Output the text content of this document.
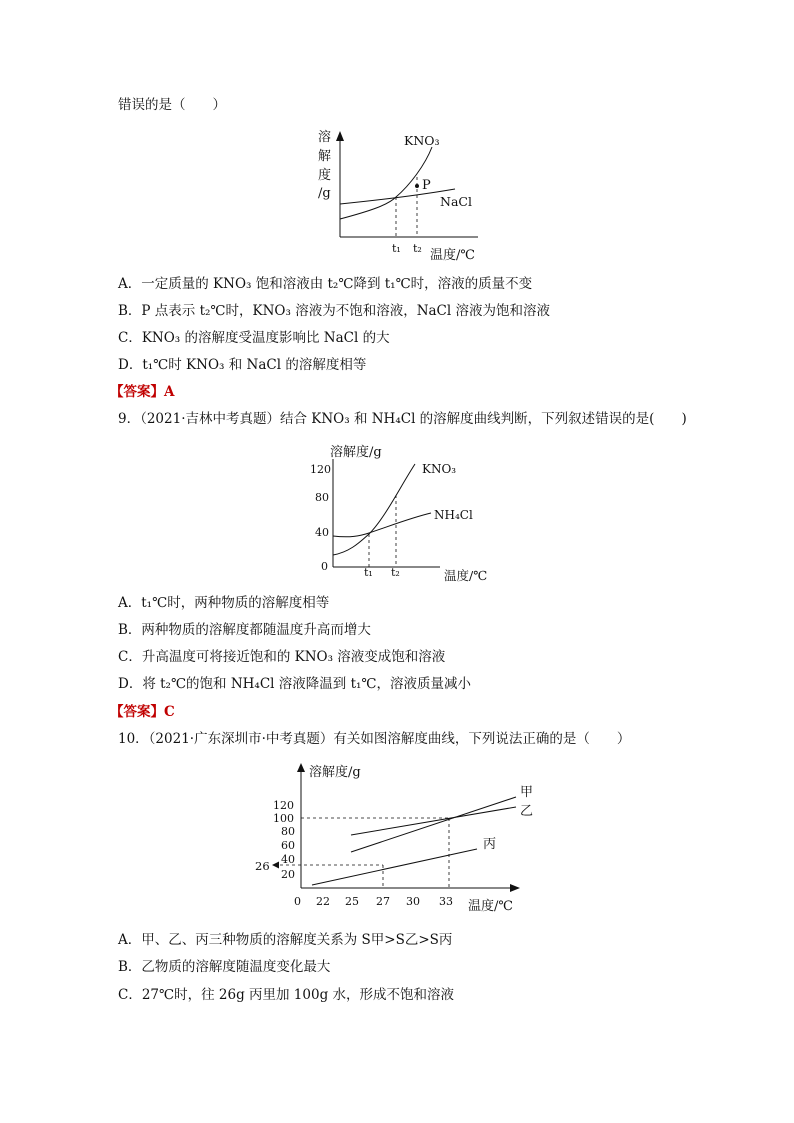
错误的是（　　）
溶
解
度
/g
P
KNO₃
NaCl
t₁ t₂ 温度/℃
A．一定质量的 KNO₃ 饱和溶液由 t₂℃降到 t₁℃时，溶液的质量不变
B．P 点表示 t₂℃时，KNO₃ 溶液为不饱和溶液，NaCl 溶液为饱和溶液
C．KNO₃ 的溶解度受温度影响比 NaCl 的大
D．t₁℃时 KNO₃ 和 NaCl 的溶解度相等
【答案】A
9．（2021·吉林中考真题）结合 KNO₃ 和 NH₄Cl 的溶解度曲线判断，下列叙述错误的是(　　)
溶解度/g
120
80
40
0
KNO₃
NH₄Cl
t₁ t₂	温度/℃
A．t₁℃时，两种物质的溶解度相等
B．两种物质的溶解度都随温度升高而增大
C．升高温度可将接近饱和的 KNO₃ 溶液变成饱和溶液
D．将 t₂℃的饱和 NH₄Cl 溶液降温到 t₁℃，溶液质量减小
【答案】C
10．（2021·广东深圳市·中考真题）有关如图溶解度曲线，下列说法正确的是（　　）
溶解度/g
120
100
80
60
40
20
0 22 25 27 30 33
26
甲
乙
丙
温度/℃
A．甲、乙、丙三种物质的溶解度关系为 S甲>S乙>S丙
B．乙物质的溶解度随温度变化最大
C．27℃时，往 26g 丙里加 100g 水，形成不饱和溶液
